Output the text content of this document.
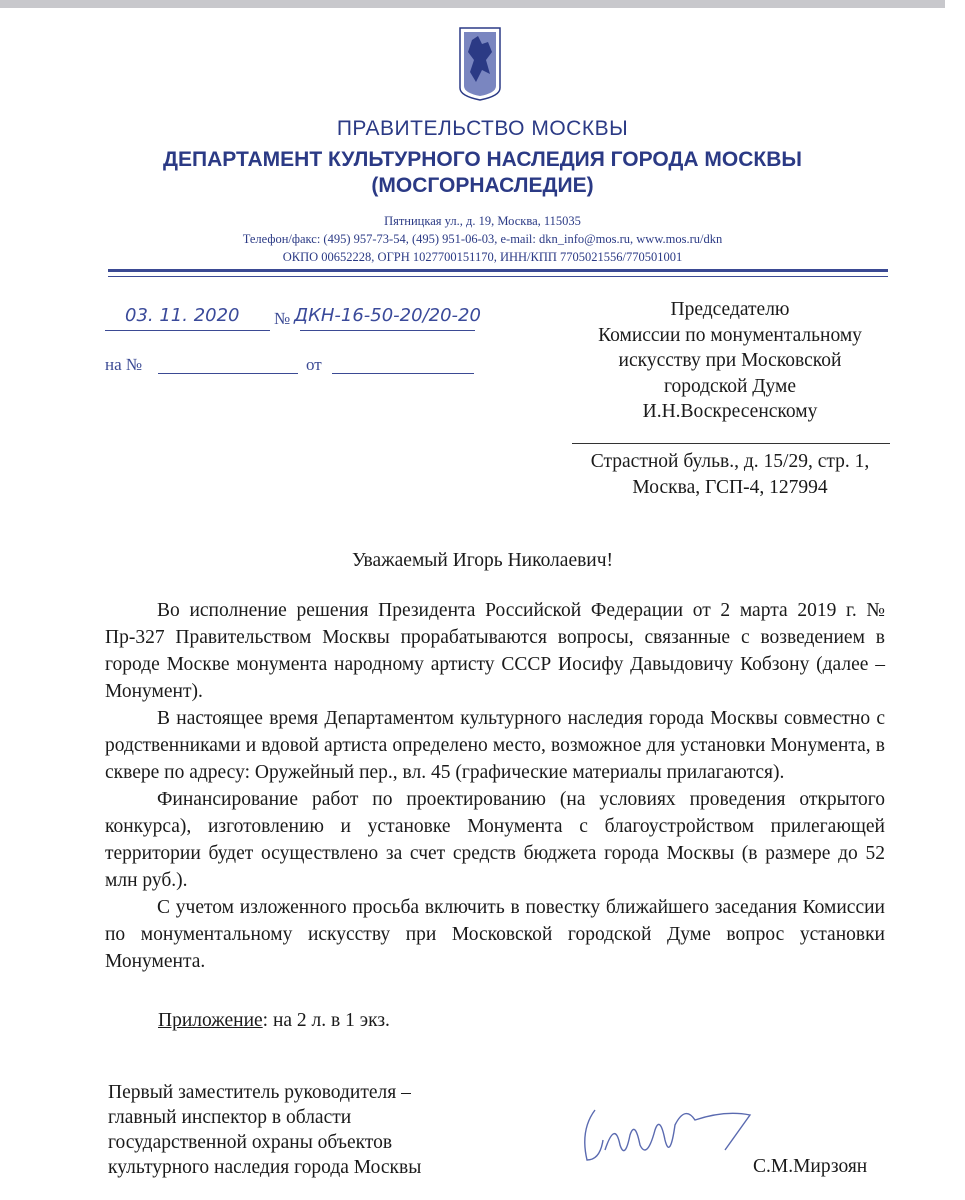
ПРАВИТЕЛЬСТВО МОСКВЫ
ДЕПАРТАМЕНТ КУЛЬТУРНОГО НАСЛЕДИЯ ГОРОДА МОСКВЫ
(МОСГОРНАСЛЕДИЕ)
Пятницкая ул., д. 19, Москва, 115035
Телефон/факс: (495) 957-73-54, (495) 951-06-03, e-mail: dkn_info@mos.ru, www.mos.ru/dkn
ОКПО 00652228, ОГРН 1027700151170, ИНН/КПП 7705021556/770501001
03. 11. 2020 № ДКН-16-50-20/20-20
на №	от
Председателю
Комиссии по монументальному
искусству при Московской
городской Думе
И.Н.Воскресенскому
Страстной бульв., д. 15/29, стр. 1,
Москва, ГСП-4, 127994
Уважаемый Игорь Николаевич!

Во исполнение решения Президента Российской Федерации от 2 марта 2019 г. № Пр-327 Правительством Москвы прорабатываются вопросы, связанные с возведением в городе Москве монумента народному артисту СССР Иосифу Давыдовичу Кобзону (далее – Монумент).

В настоящее время Департаментом культурного наследия города Москвы совместно с родственниками и вдовой артиста определено место, возможное для установки Монумента, в сквере по адресу: Оружейный пер., вл. 45 (графические материалы прилагаются).

Финансирование работ по проектированию (на условиях проведения открытого конкурса), изготовлению и установке Монумента с благоустройством прилегающей территории будет осуществлено за счет средств бюджета города Москвы (в размере до 52 млн руб.).

С учетом изложенного просьба включить в повестку ближайшего заседания Комиссии по монументальному искусству при Московской городской Думе вопрос установки Монумента.

Приложение: на 2 л. в 1 экз.
Первый заместитель руководителя –
главный инспектор в области
государственной охраны объектов
культурного наследия города Москвы	С.М.Мирзоян
